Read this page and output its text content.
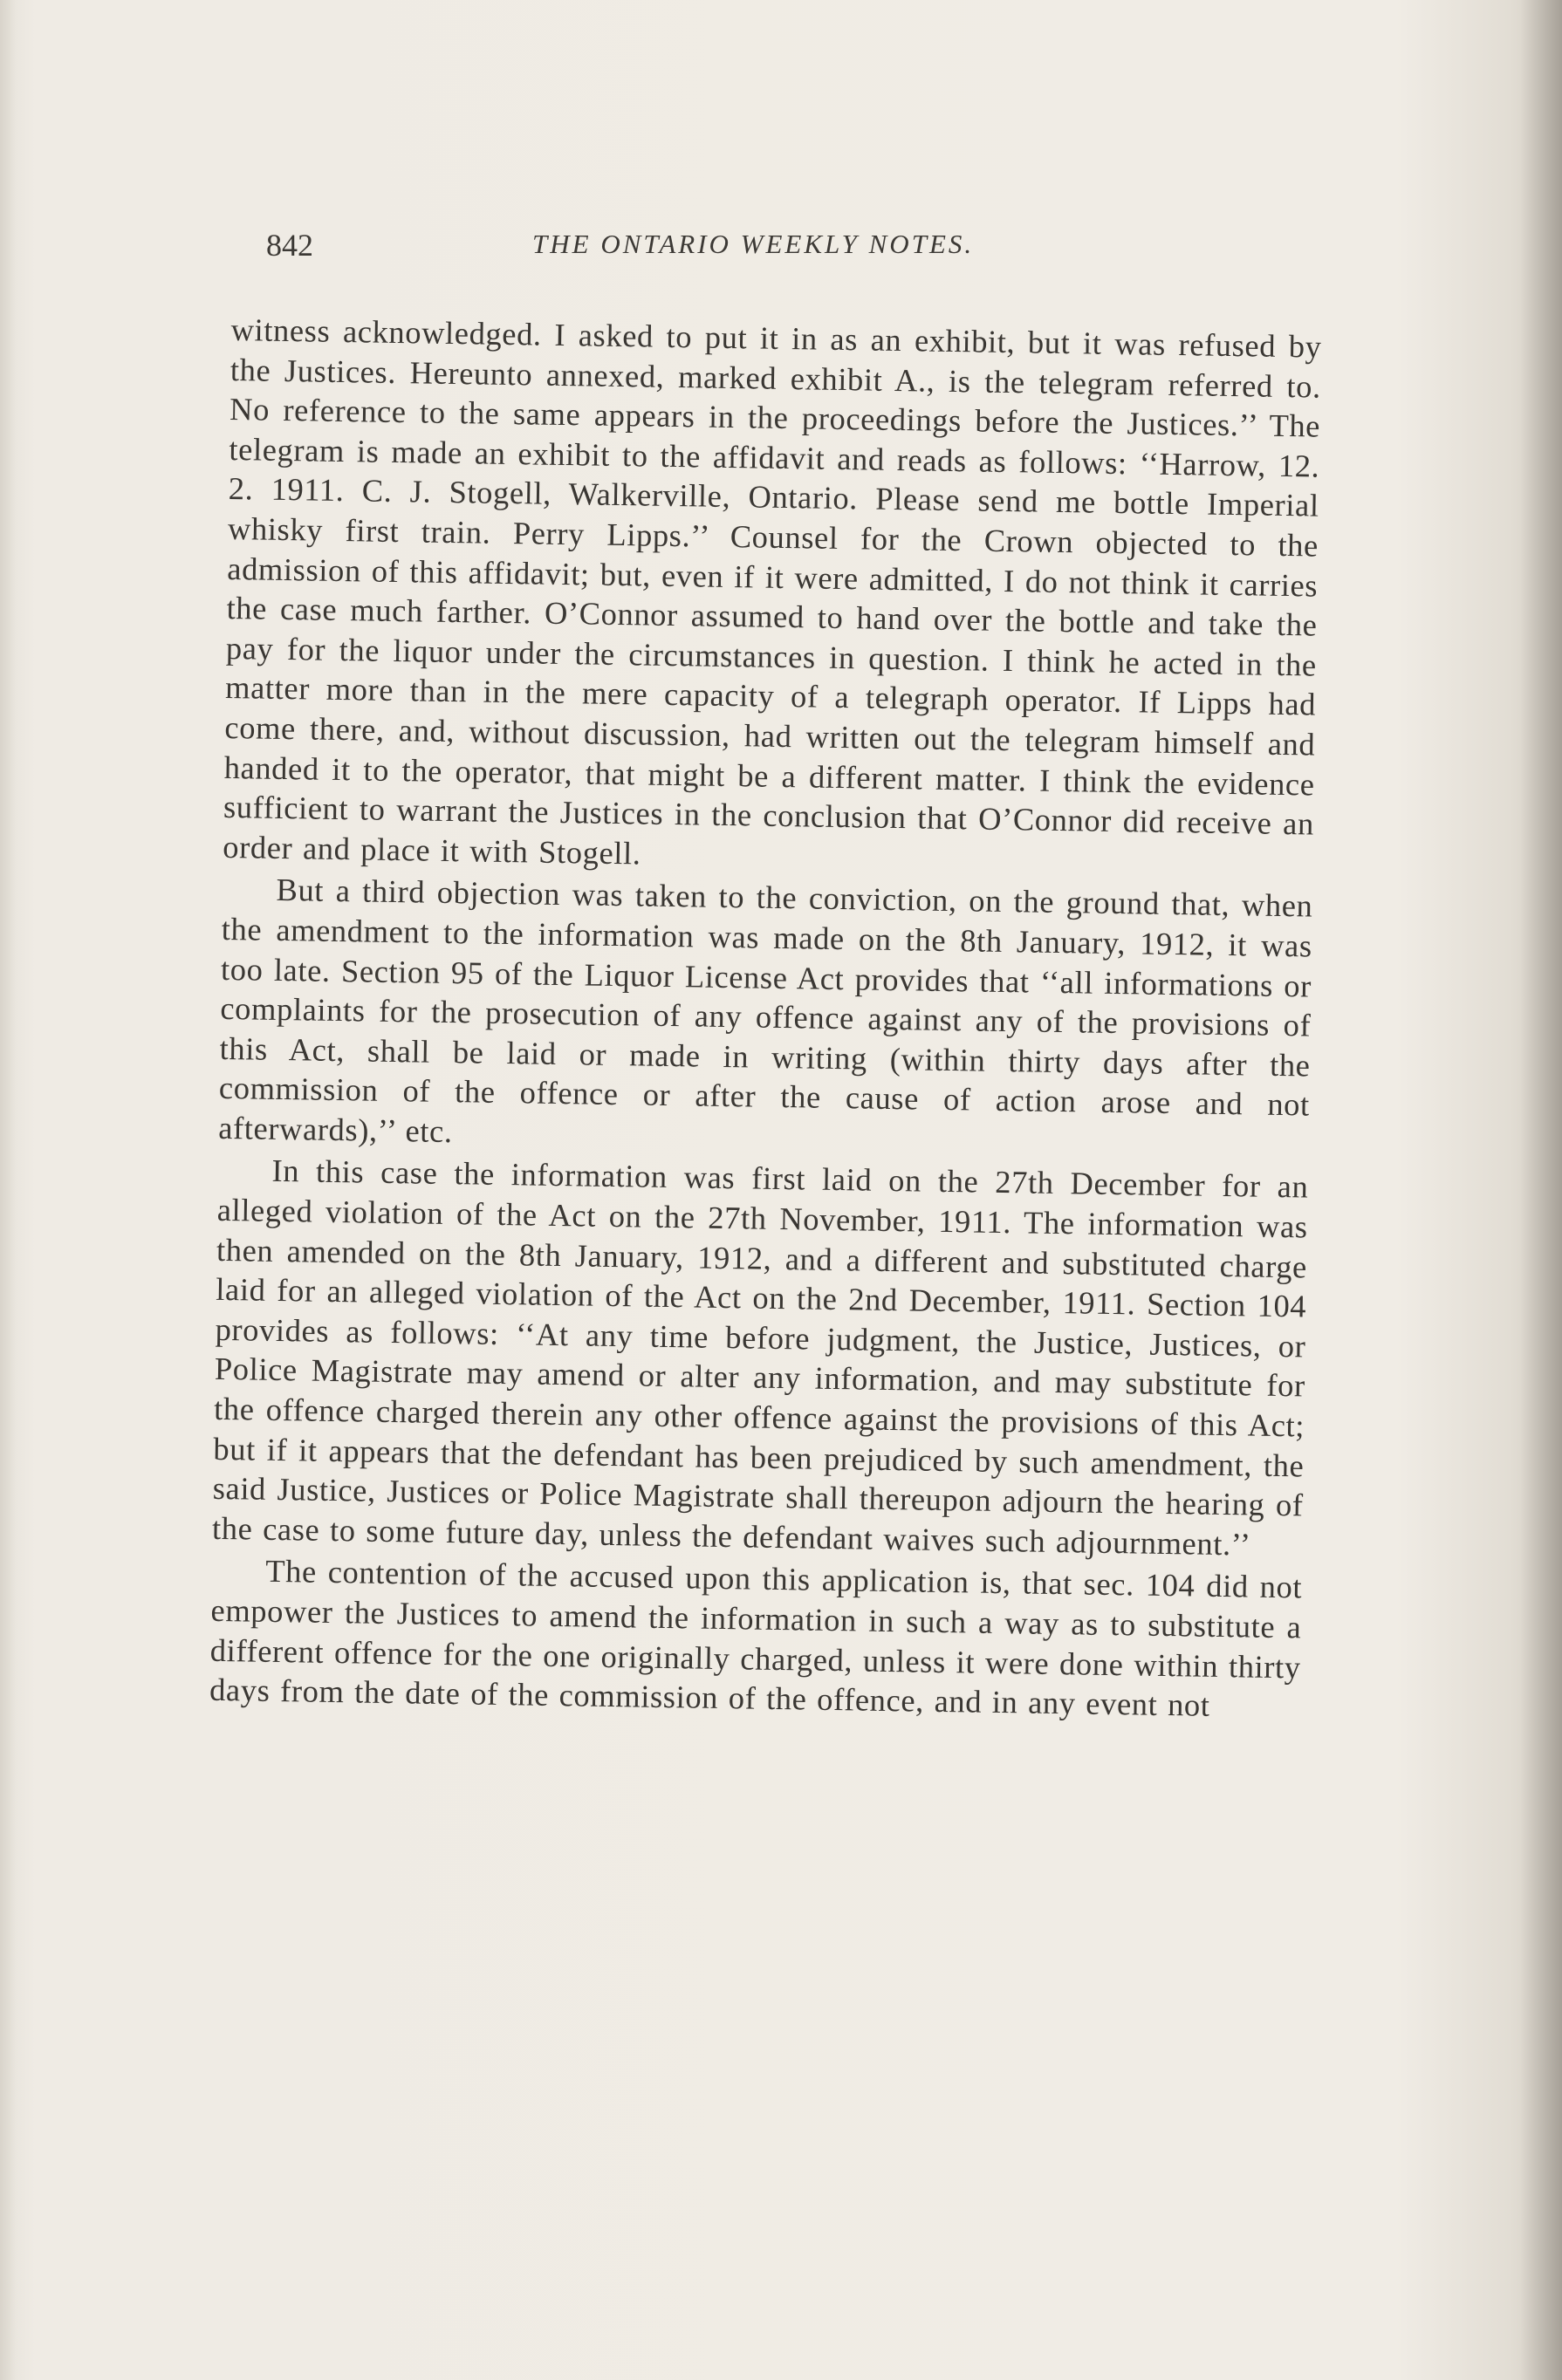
842	THE ONTARIO WEEKLY NOTES.

witness acknowledged. I asked to put it in as an exhibit, but it was refused by the Justices. Hereunto annexed, marked exhibit A., is the telegram referred to. No reference to the same appears in the proceedings before the Justices.’’ The telegram is made an exhibit to the affidavit and reads as follows: ‘‘Harrow, 12. 2. 1911. C. J. Stogell, Walkerville, Ontario. Please send me bottle Imperial whisky first train. Perry Lipps.’’ Counsel for the Crown objected to the admission of this affidavit; but, even if it were admitted, I do not think it carries the case much farther. O’Connor assumed to hand over the bottle and take the pay for the liquor under the circumstances in question. I think he acted in the matter more than in the mere capacity of a telegraph operator. If Lipps had come there, and, without discussion, had written out the telegram himself and handed it to the operator, that might be a different matter. I think the evidence sufficient to warrant the Justices in the conclusion that O’Connor did receive an order and place it with Stogell.

But a third objection was taken to the conviction, on the ground that, when the amendment to the information was made on the 8th January, 1912, it was too late. Section 95 of the Liquor License Act provides that ‘‘all informations or complaints for the prosecution of any offence against any of the provisions of this Act, shall be laid or made in writing (within thirty days after the commission of the offence or after the cause of action arose and not afterwards),’’ etc.

In this case the information was first laid on the 27th December for an alleged violation of the Act on the 27th November, 1911. The information was then amended on the 8th January, 1912, and a different and substituted charge laid for an alleged violation of the Act on the 2nd December, 1911. Section 104 provides as follows: ‘‘At any time before judgment, the Justice, Justices, or Police Magistrate may amend or alter any information, and may substitute for the offence charged therein any other offence against the provisions of this Act; but if it appears that the defendant has been prejudiced by such amendment, the said Justice, Justices or Police Magistrate shall thereupon adjourn the hearing of the case to some future day, unless the defendant waives such adjournment.’’

The contention of the accused upon this application is, that sec. 104 did not empower the Justices to amend the information in such a way as to substitute a different offence for the one originally charged, unless it were done within thirty days from the date of the commission of the offence, and in any event not
